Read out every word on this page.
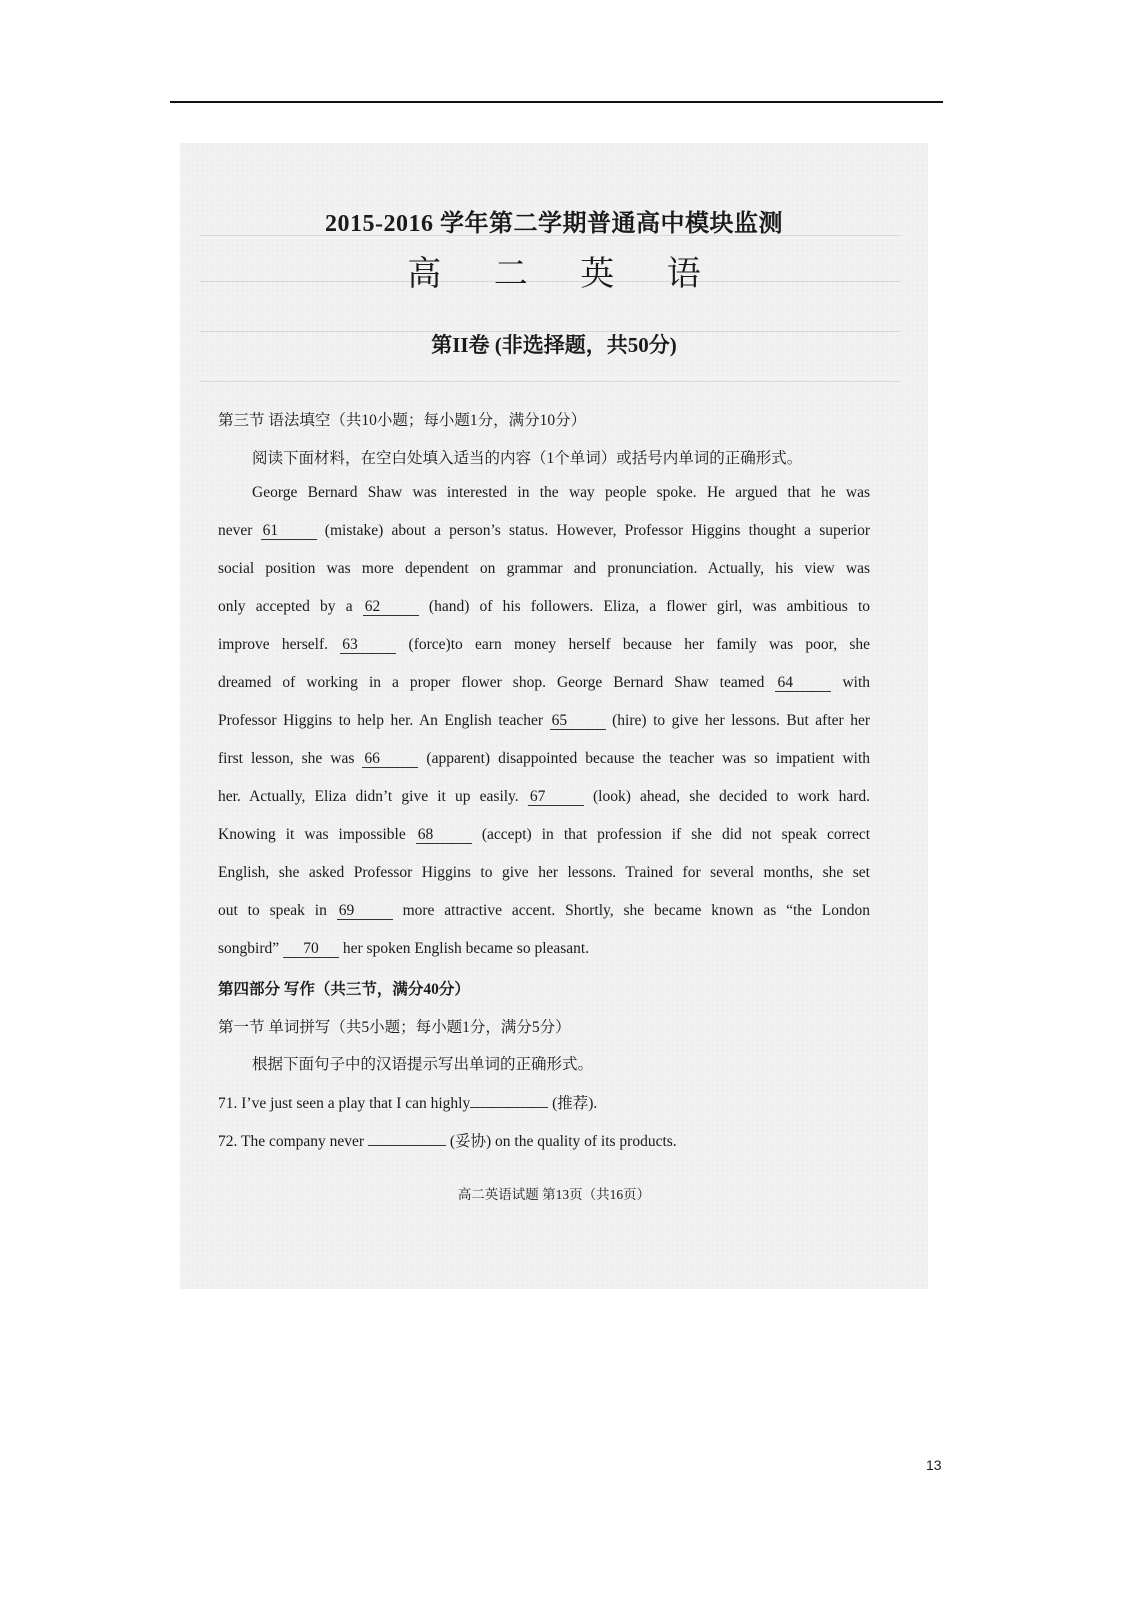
2015-2016 学年第二学期普通高中模块监测
高 二 英 语
第II卷 (非选择题，共50分)
第三节 语法填空（共10小题；每小题1分，满分10分）
阅读下面材料，在空白处填入适当的内容（1个单词）或括号内单词的正确形式。
George Bernard Shaw was interested in the way people spoke. He argued that he was
never 61	(mistake) about a person’s status. However, Professor Higgins thought a superior
social position was more dependent on grammar and pronunciation. Actually, his view was
only accepted by a 62	(hand) of his followers. Eliza, a flower girl, was ambitious to
improve herself. 63	(force)to earn money herself because her family was poor, she
dreamed of working in a proper flower shop. George Bernard Shaw teamed 64	with
Professor Higgins to help her. An English teacher 65	(hire) to give her lessons. But after her
first lesson, she was 66	(apparent) disappointed because the teacher was so impatient with
her. Actually, Eliza didn’t give it up easily. 67	(look) ahead, she decided to work hard.
Knowing it was impossible 68	(accept) in that profession if she did not speak correct
English, she asked Professor Higgins to give her lessons. Trained for several months, she set
out to speak in 69	more attractive accent. Shortly, she became known as “the London
songbird” 70 her spoken English became so pleasant.
第四部分 写作（共三节，满分40分）
第一节 单词拼写（共5小题；每小题1分，满分5分）
根据下面句子中的汉语提示写出单词的正确形式。
71. I’ve just seen a play that I can highly	(推荐).
72. The company never	(妥协) on the quality of its products.
高二英语试题 第13页（共16页）
13
